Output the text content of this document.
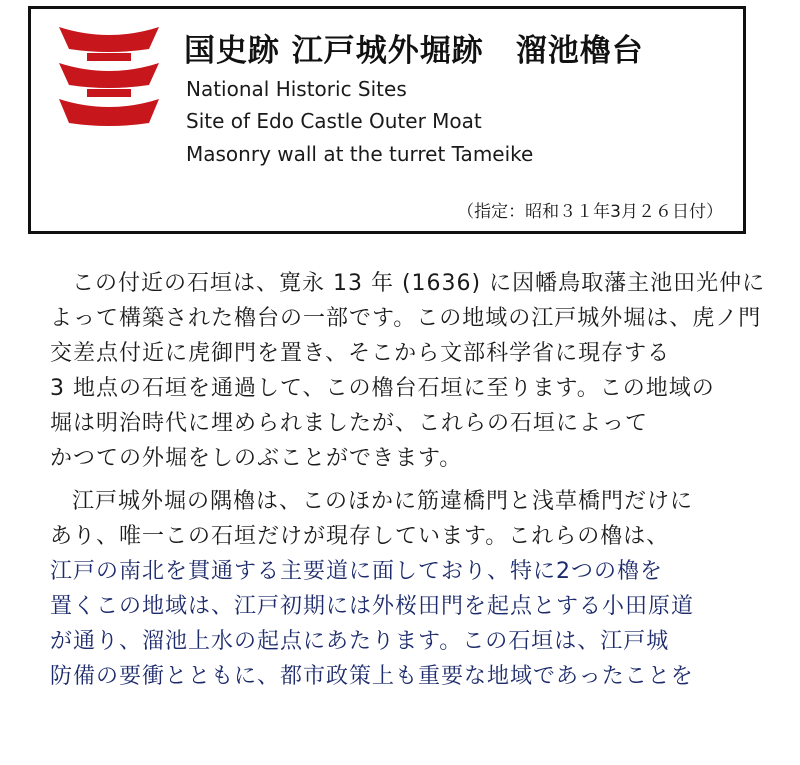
国史跡 江戸城外堀跡　溜池櫓台
National Historic Sites
Site of Edo Castle Outer Moat
Masonry wall at the turret Tameike
（指定：昭和３１年3月２６日付）
この付近の石垣は、寛永 13 年 (1636) に因幡鳥取藩主池田光仲に
よって構築された櫓台の一部です。この地域の江戸城外堀は、虎ノ門
交差点付近に虎御門を置き、そこから文部科学省に現存する
3 地点の石垣を通過して、この櫓台石垣に至ります。この地域の
堀は明治時代に埋められましたが、これらの石垣によって
かつての外堀をしのぶことができます。
江戸城外堀の隅櫓は、このほかに筋違橋門と浅草橋門だけに
あり、唯一この石垣だけが現存しています。これらの櫓は、
江戸の南北を貫通する主要道に面しており、特に2つの櫓を
置くこの地域は、江戸初期には外桜田門を起点とする小田原道
が通り、溜池上水の起点にあたります。この石垣は、江戸城
防備の要衝とともに、都市政策上も重要な地域であったことを
